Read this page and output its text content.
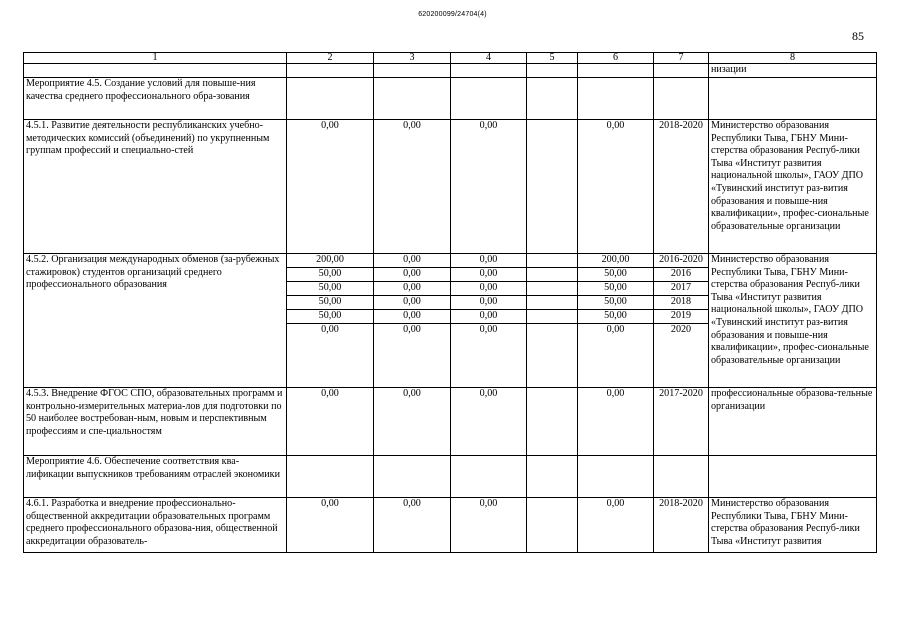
620200099/24704(4)
85
1	2	3	4	5	6	7	8
							низации
Мероприятие 4.5. Создание условий для повыше-ния качества среднего профессионального обра-зования							
4.5.1. Развитие деятельности республиканских учебно-методических комиссий (объединений) по укрупненным группам профессий и специально-стей	0,00	0,00	0,00		0,00	2018-2020	Министерство образования Республики Тыва, ГБНУ Мини-стерства образования Респуб-лики Тыва «Институт развития национальной школы», ГАОУ ДПО «Тувинский институт раз-вития образования и повыше-ния квалификации», профес-сиональные образовательные организации
4.5.2. Организация международных обменов (за-рубежных стажировок) студентов организаций среднего профессионального образования	200,00	0,00	0,00		200,00	2016-2020	Министерство образования Республики Тыва, ГБНУ Мини-стерства образования Респуб-лики Тыва «Институт развития национальной школы», ГАОУ ДПО «Тувинский институт раз-вития образования и повыше-ния квалификации», профес-сиональные образовательные организации
	50,00	0,00	0,00		50,00	2016	
	50,00	0,00	0,00		50,00	2017	
	50,00	0,00	0,00		50,00	2018	
	50,00	0,00	0,00		50,00	2019	
	0,00	0,00	0,00		0,00	2020	
4.5.3. Внедрение ФГОС СПО, образовательных программ и контрольно-измерительных материа-лов для подготовки по 50 наиболее востребован-ным, новым и перспективным профессиям и спе-циальностям	0,00	0,00	0,00		0,00	2017-2020	профессиональные образова-тельные организации
Мероприятие 4.6. Обеспечение соответствия ква-лификации выпускников требованиям отраслей экономики							
4.6.1. Разработка и внедрение профессионально-общественной аккредитации образовательных программ среднего профессионального образова-ния, общественной аккредитации образователь-	0,00	0,00	0,00		0,00	2018-2020	Министерство образования Республики Тыва, ГБНУ Мини-стерства образования Респуб-лики Тыва «Институт развития
